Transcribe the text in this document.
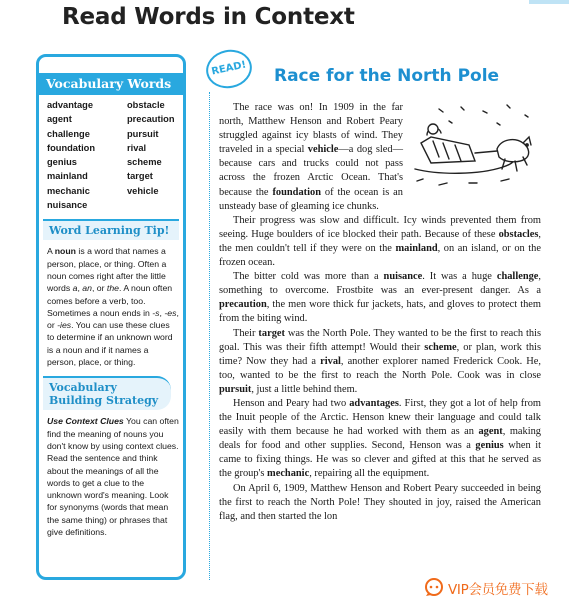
Read Words in Context
Vocabulary Words
advantage	obstacle
agent	precaution
challenge	pursuit
foundation	rival
genius	scheme
mainland	target
mechanic	vehicle
nuisance
Word Learning Tip!
A noun is a word that names a person, place, or thing. Often a noun comes right after the little words a, an, or the. A noun often comes before a verb, too. Sometimes a noun ends in -s, -es, or -ies. You can use these clues to determine if an unknown word is a noun and if it names a person, place, or thing.
Vocabulary
Building Strategy
Use Context Clues You can often find the meaning of nouns you don't know by using context clues. Read the sentence and think about the meanings of all the words to get a clue to the unknown word's meaning. Look for synonyms (words that mean the same thing) or phrases that give definitions.
READ!	Race for the North Pole

The race was on! In 1909 in the far north, Matthew Henson and Robert Peary struggled against icy blasts of wind. They traveled in a special vehicle—a dog sled—because cars and trucks could not pass across the frozen Arctic Ocean. That's because the foundation of the ocean is an unsteady base of gleaming ice chunks.

Their progress was slow and difficult. Icy winds prevented them from seeing. Huge boulders of ice blocked their path. Because of these obstacles, the men couldn't tell if they were on the mainland, on an island, or on the frozen ocean.

The bitter cold was more than a nuisance. It was a huge challenge, something to overcome. Frostbite was an ever-present danger. As a precaution, the men wore thick fur jackets, hats, and gloves to protect them from the biting wind.

Their target was the North Pole. They wanted to be the first to reach this goal. This was their fifth attempt! Would their scheme, or plan, work this time? Now they had a rival, another explorer named Frederick Cook. He, too, wanted to be the first to reach the North Pole. Cook was in close pursuit, just a little behind them.

Henson and Peary had two advantages. First, they got a lot of help from the Inuit people of the Arctic. Henson knew their language and could talk easily with them because he had worked with them as an agent, making deals for food and other supplies. Second, Henson was a genius when it came to fixing things. He was so clever and gifted at this that he served as the group's mechanic, repairing all the equipment.

On April 6, 1909, Matthew Henson and Robert Peary succeeded in being the first to reach the North Pole! They shouted in joy, raised the American flag, and then started the lon

VIP会员免费下载
